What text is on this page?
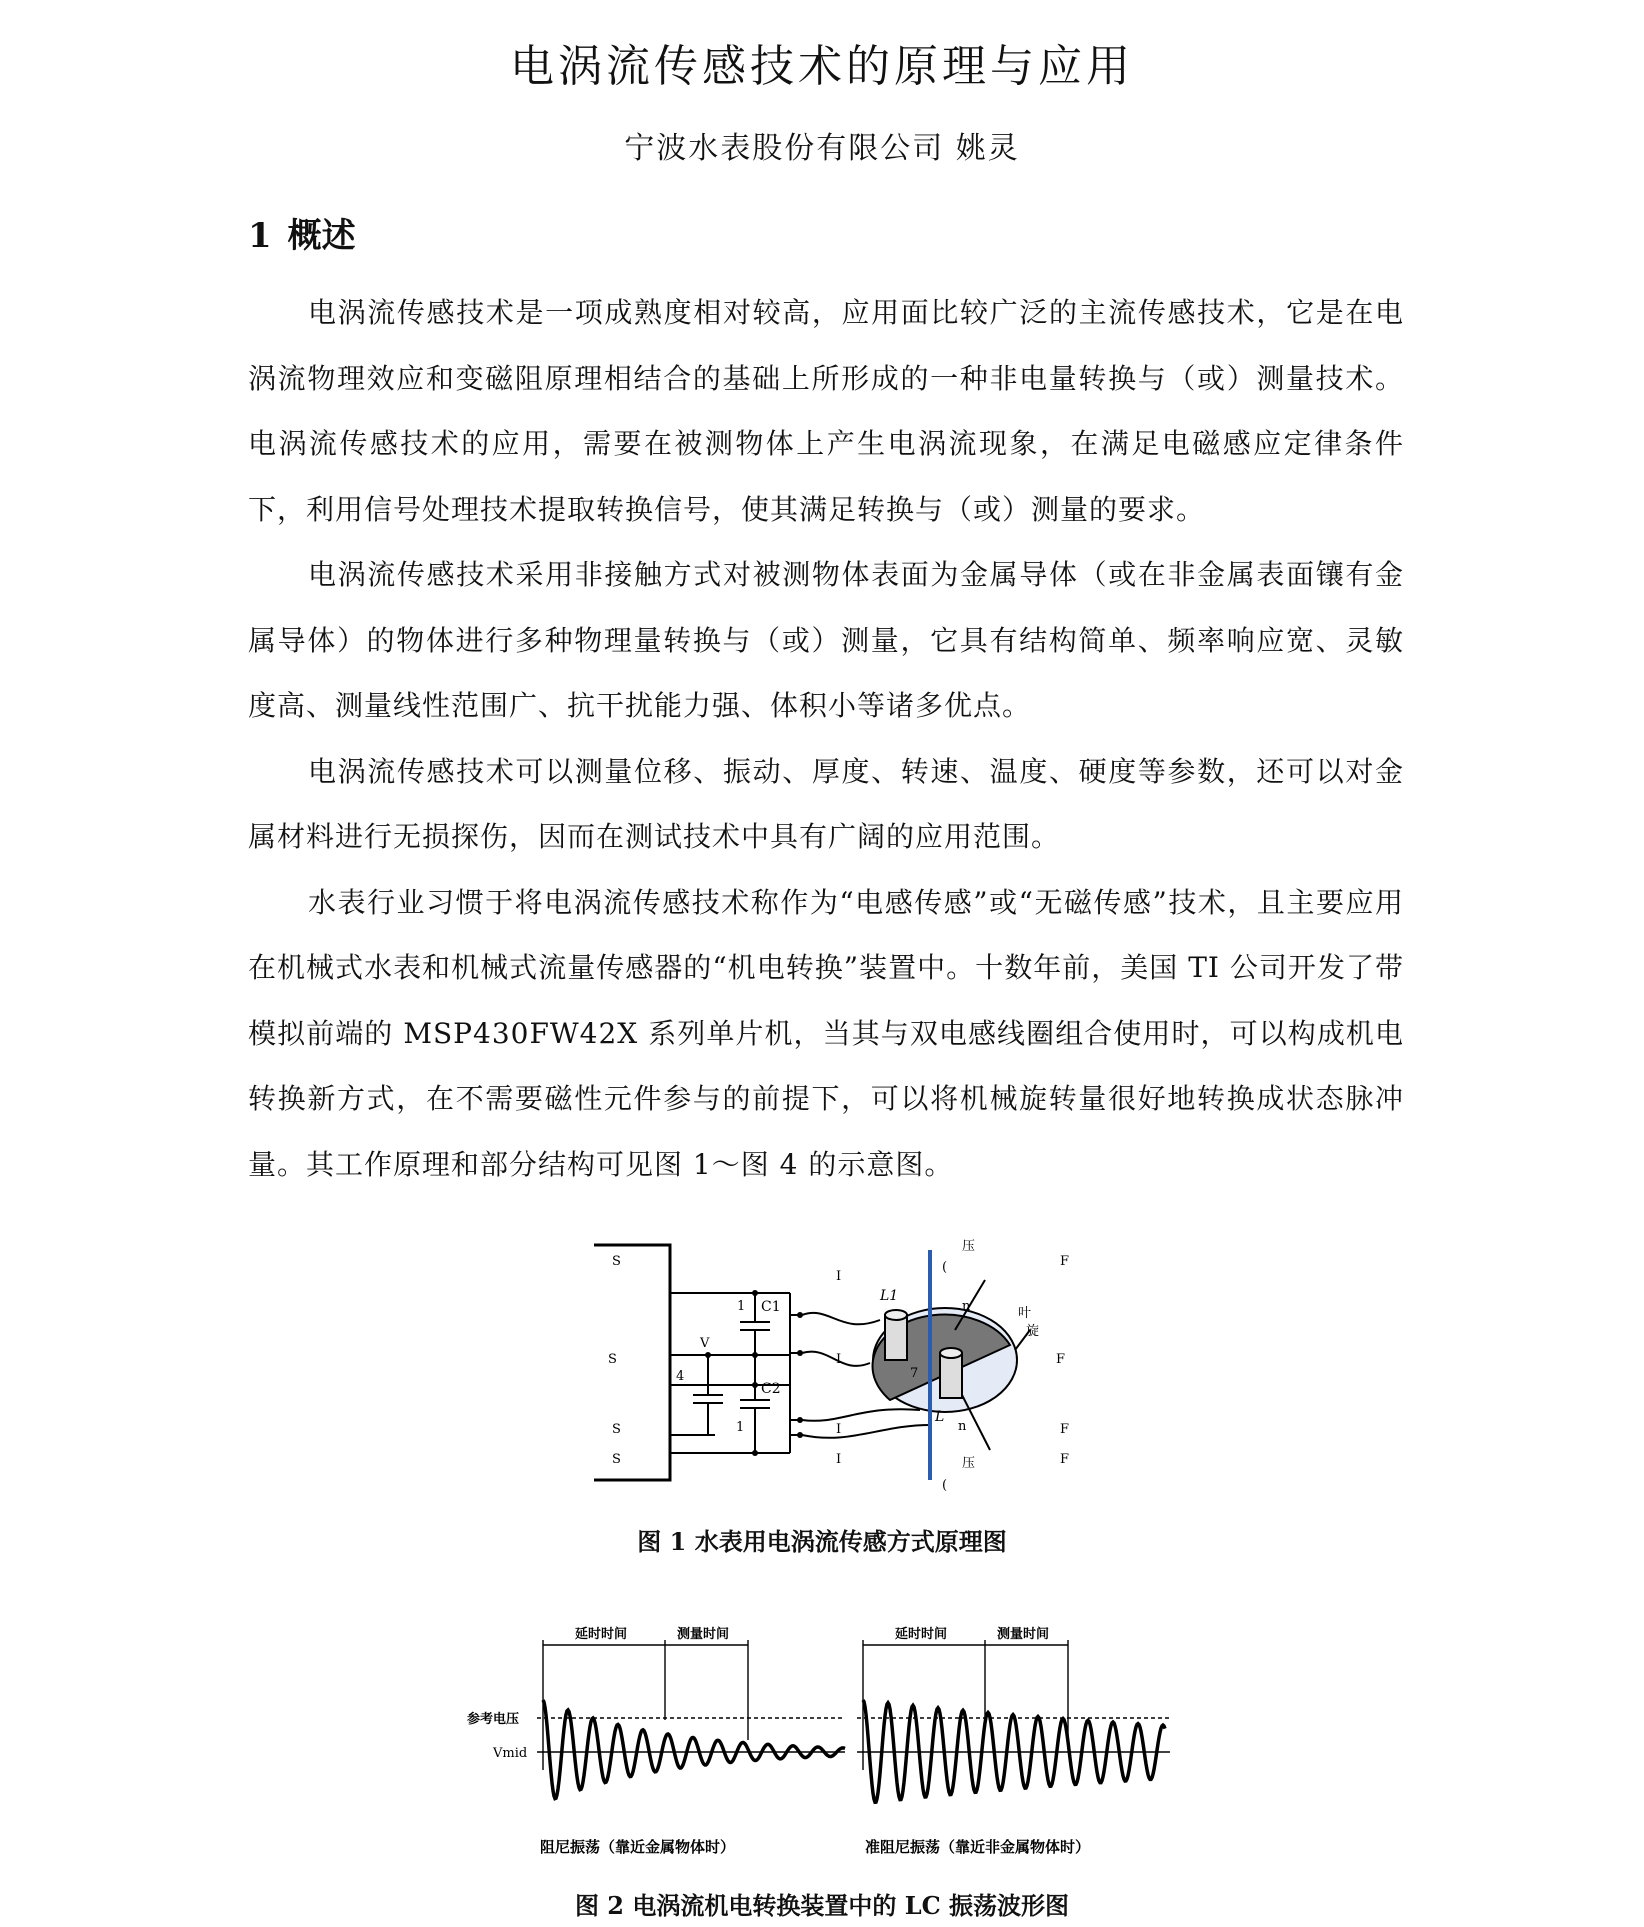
电涡流传感技术的原理与应用

宁波水表股份有限公司 姚灵

1 概述

电涡流传感技术是一项成熟度相对较高，应用面比较广泛的主流传感技术，它是在电涡流物理效应和变磁阻原理相结合的基础上所形成的一种非电量转换与（或）测量技术。电涡流传感技术的应用，需要在被测物体上产生电涡流现象，在满足电磁感应定律条件下，利用信号处理技术提取转换信号，使其满足转换与（或）测量的要求。

电涡流传感技术采用非接触方式对被测物体表面为金属导体（或在非金属表面镶有金属导体）的物体进行多种物理量转换与（或）测量，它具有结构简单、频率响应宽、灵敏度高、测量线性范围广、抗干扰能力强、体积小等诸多优点。

电涡流传感技术可以测量位移、振动、厚度、转速、温度、硬度等参数，还可以对金属材料进行无损探伤，因而在测试技术中具有广阔的应用范围。

水表行业习惯于将电涡流传感技术称作为“电感传感”或“无磁传感”技术，且主要应用在机械式水表和机械式流量传感器的“机电转换”装置中。十数年前，美国 TI 公司开发了带模拟前端的 MSP430FW42X 系列单片机，当其与双电感线圈组合使用时，可以构成机电转换新方式，在不需要磁性元件参与的前提下，可以将机械旋转量很好地转换成状态脉冲量。其工作原理和部分结构可见图 1～图 4 的示意图。

S
S
S
S
V
4
1
1
C1
C2
I
I
I
I
L1
L
n
n
7
压
(
压
(
叶
旋
F
F
F
F

图 1 水表用电涡流传感方式原理图

延时时间	测量时间	延时时间	测量时间
参考电压
Vmid
阻尼振荡（靠近金属物体时）	准阻尼振荡（靠近非金属物体时）

图 2 电涡流机电转换装置中的 LC 振荡波形图
